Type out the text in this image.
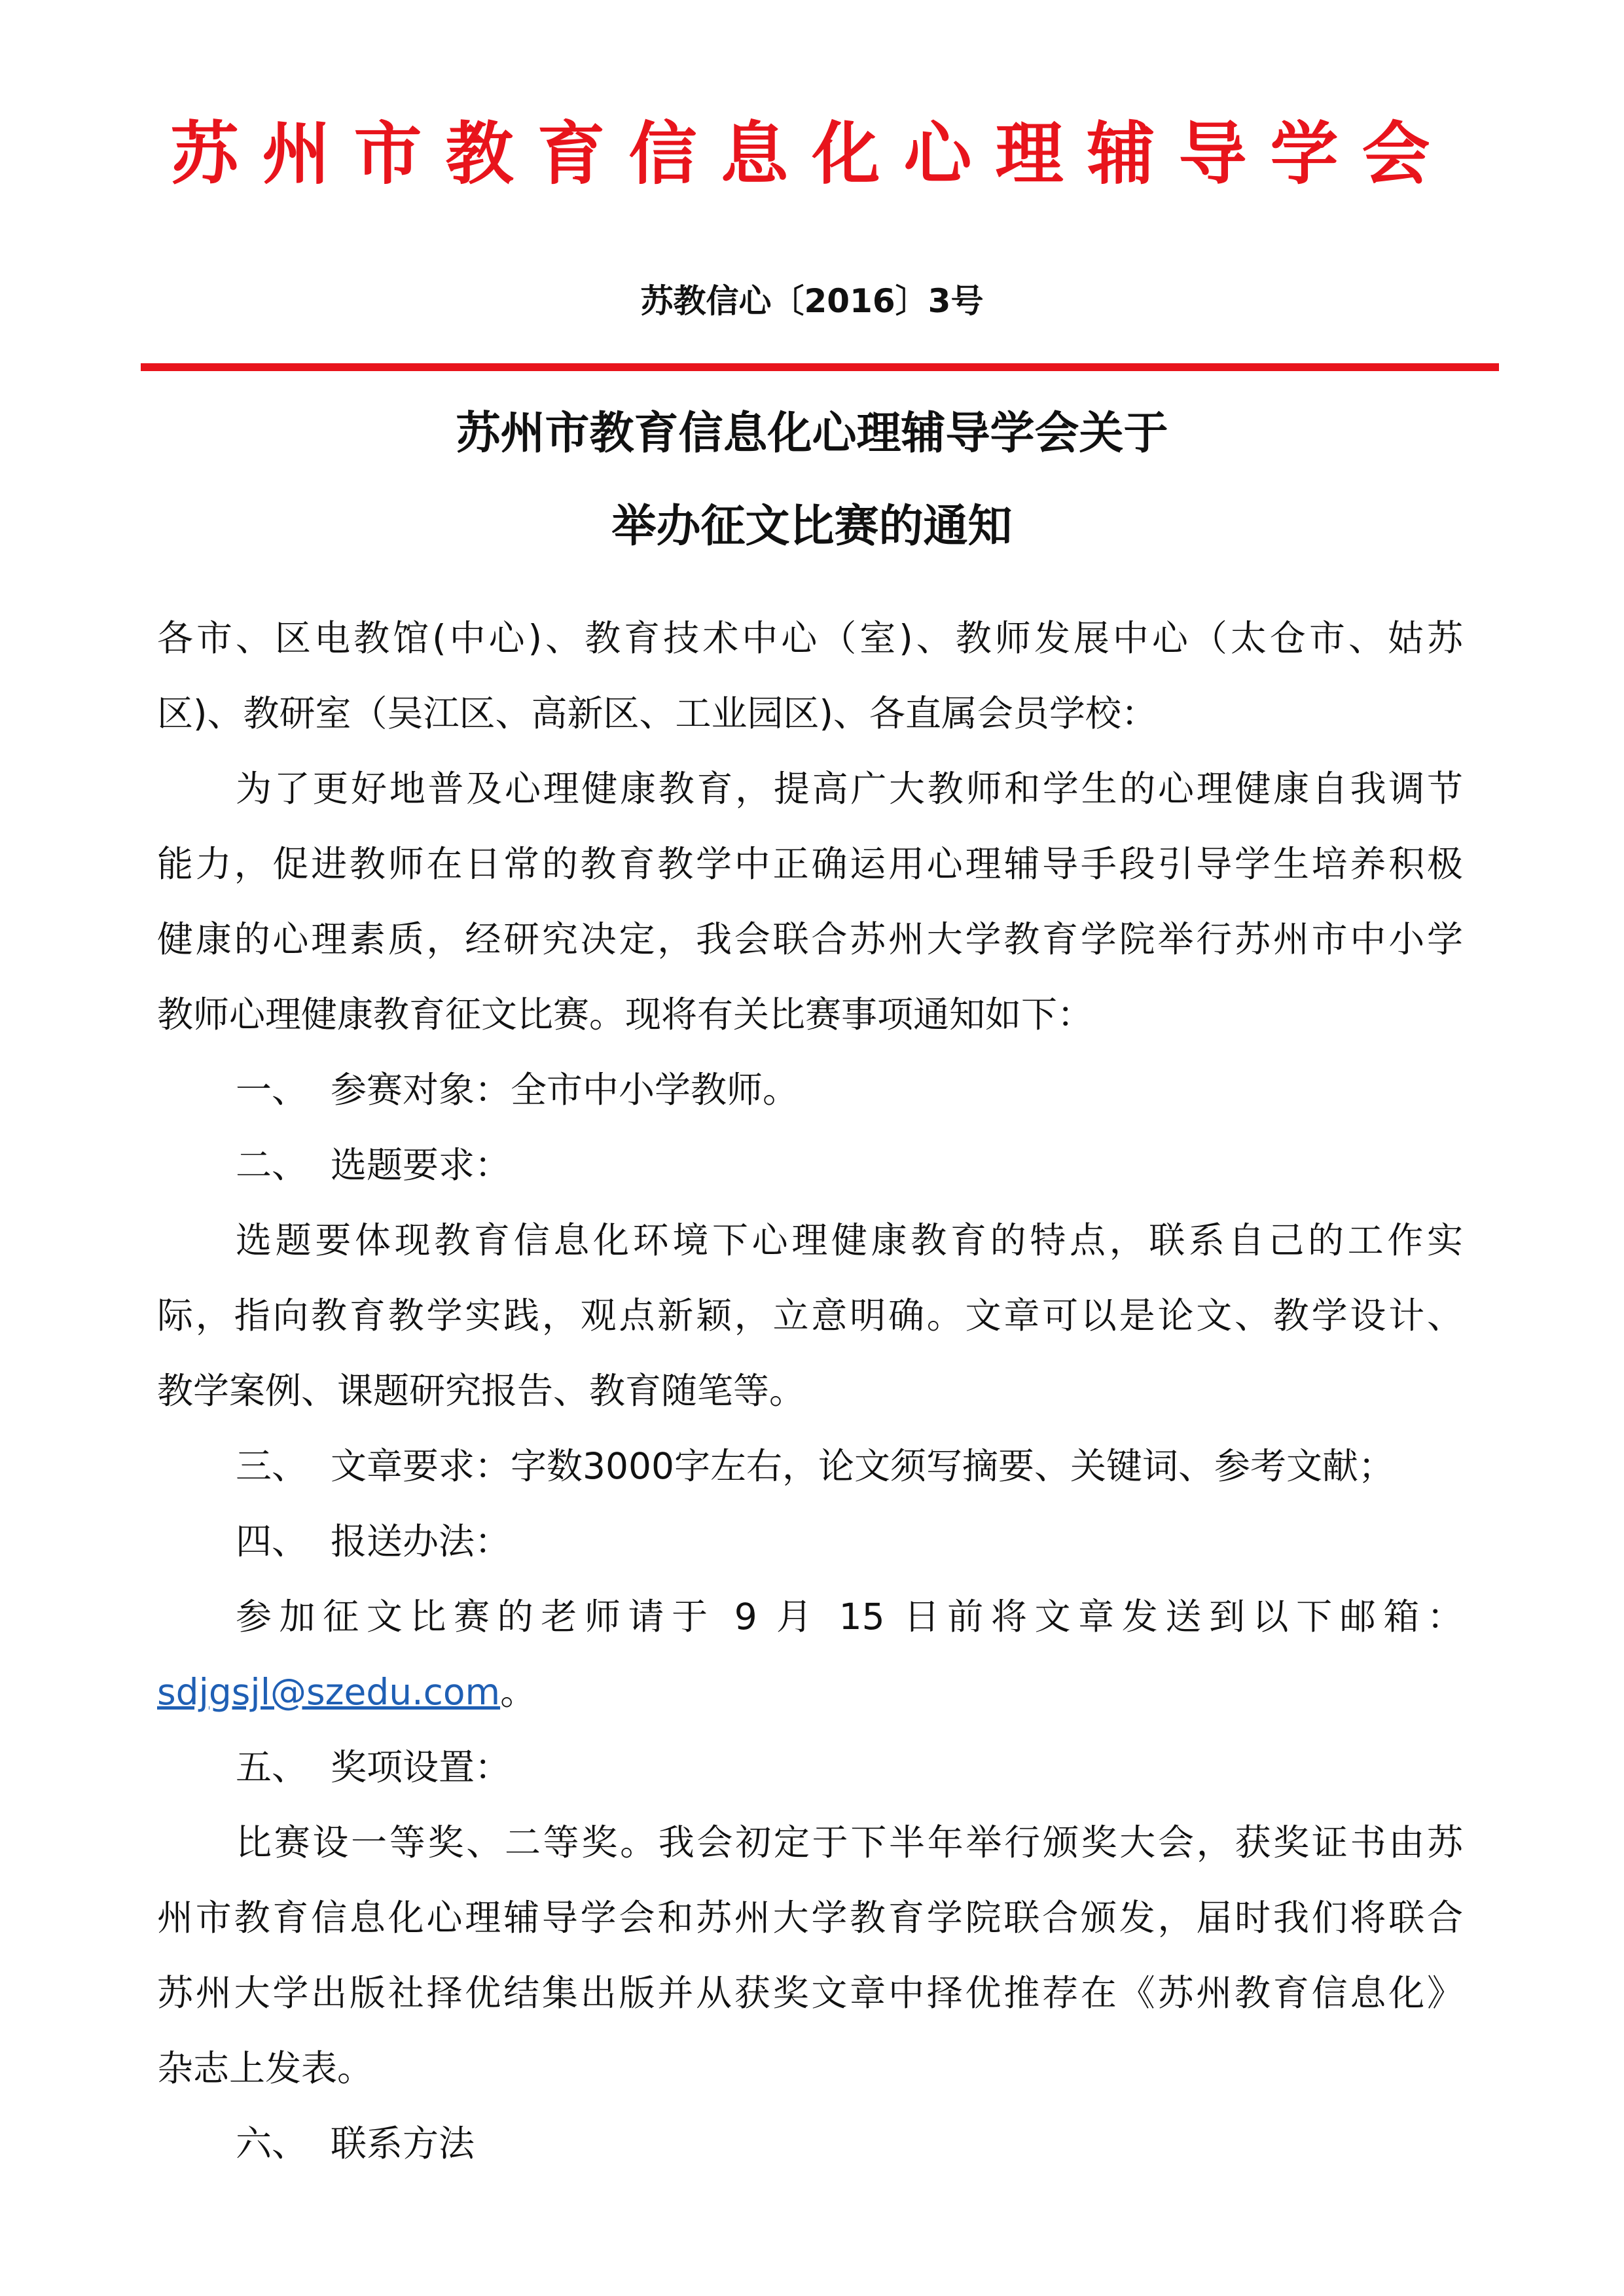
苏州市教育信息化心理辅导学会
苏教信心〔2016〕3号
苏州市教育信息化心理辅导学会关于
举办征文比赛的通知
各市、区电教馆(中心)、教育技术中心（室)、教师发展中心（太仓市、姑苏
区)、教研室（吴江区、高新区、工业园区)、各直属会员学校：
为了更好地普及心理健康教育，提高广大教师和学生的心理健康自我调节
能力，促进教师在日常的教育教学中正确运用心理辅导手段引导学生培养积极
健康的心理素质，经研究决定，我会联合苏州大学教育学院举行苏州市中小学
教师心理健康教育征文比赛。现将有关比赛事项通知如下：
一、 参赛对象：全市中小学教师。
二、 选题要求：
选题要体现教育信息化环境下心理健康教育的特点，联系自己的工作实
际，指向教育教学实践，观点新颖，立意明确。文章可以是论文、教学设计、
教学案例、课题研究报告、教育随笔等。
三、 文章要求：字数3000字左右，论文须写摘要、关键词、参考文献；
四、 报送办法：
参加征文比赛的老师请于 9 月 15 日前将文章发送到以下邮箱：
sdjgsjl@szedu.com。
五、 奖项设置：
比赛设一等奖、二等奖。我会初定于下半年举行颁奖大会，获奖证书由苏
州市教育信息化心理辅导学会和苏州大学教育学院联合颁发，届时我们将联合
苏州大学出版社择优结集出版并从获奖文章中择优推荐在《苏州教育信息化》
杂志上发表。
六、 联系方法
